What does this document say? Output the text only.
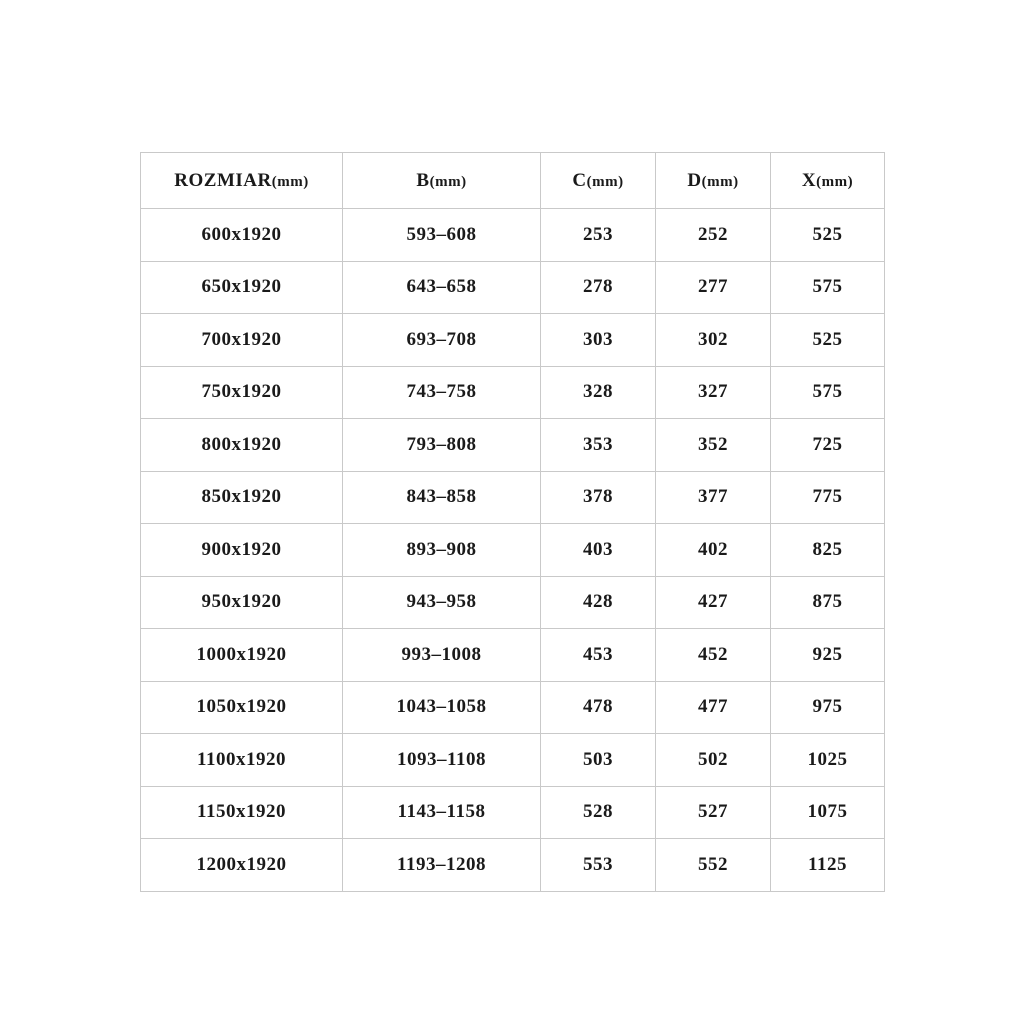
ROZMIAR(mm)	B(mm)	C(mm)	D(mm)	X(mm)
600x1920	593–608	253	252	525
650x1920	643–658	278	277	575
700x1920	693–708	303	302	525
750x1920	743–758	328	327	575
800x1920	793–808	353	352	725
850x1920	843–858	378	377	775
900x1920	893–908	403	402	825
950x1920	943–958	428	427	875
1000x1920	993–1008	453	452	925
1050x1920	1043–1058	478	477	975
1100x1920	1093–1108	503	502	1025
1150x1920	1143–1158	528	527	1075
1200x1920	1193–1208	553	552	1125
